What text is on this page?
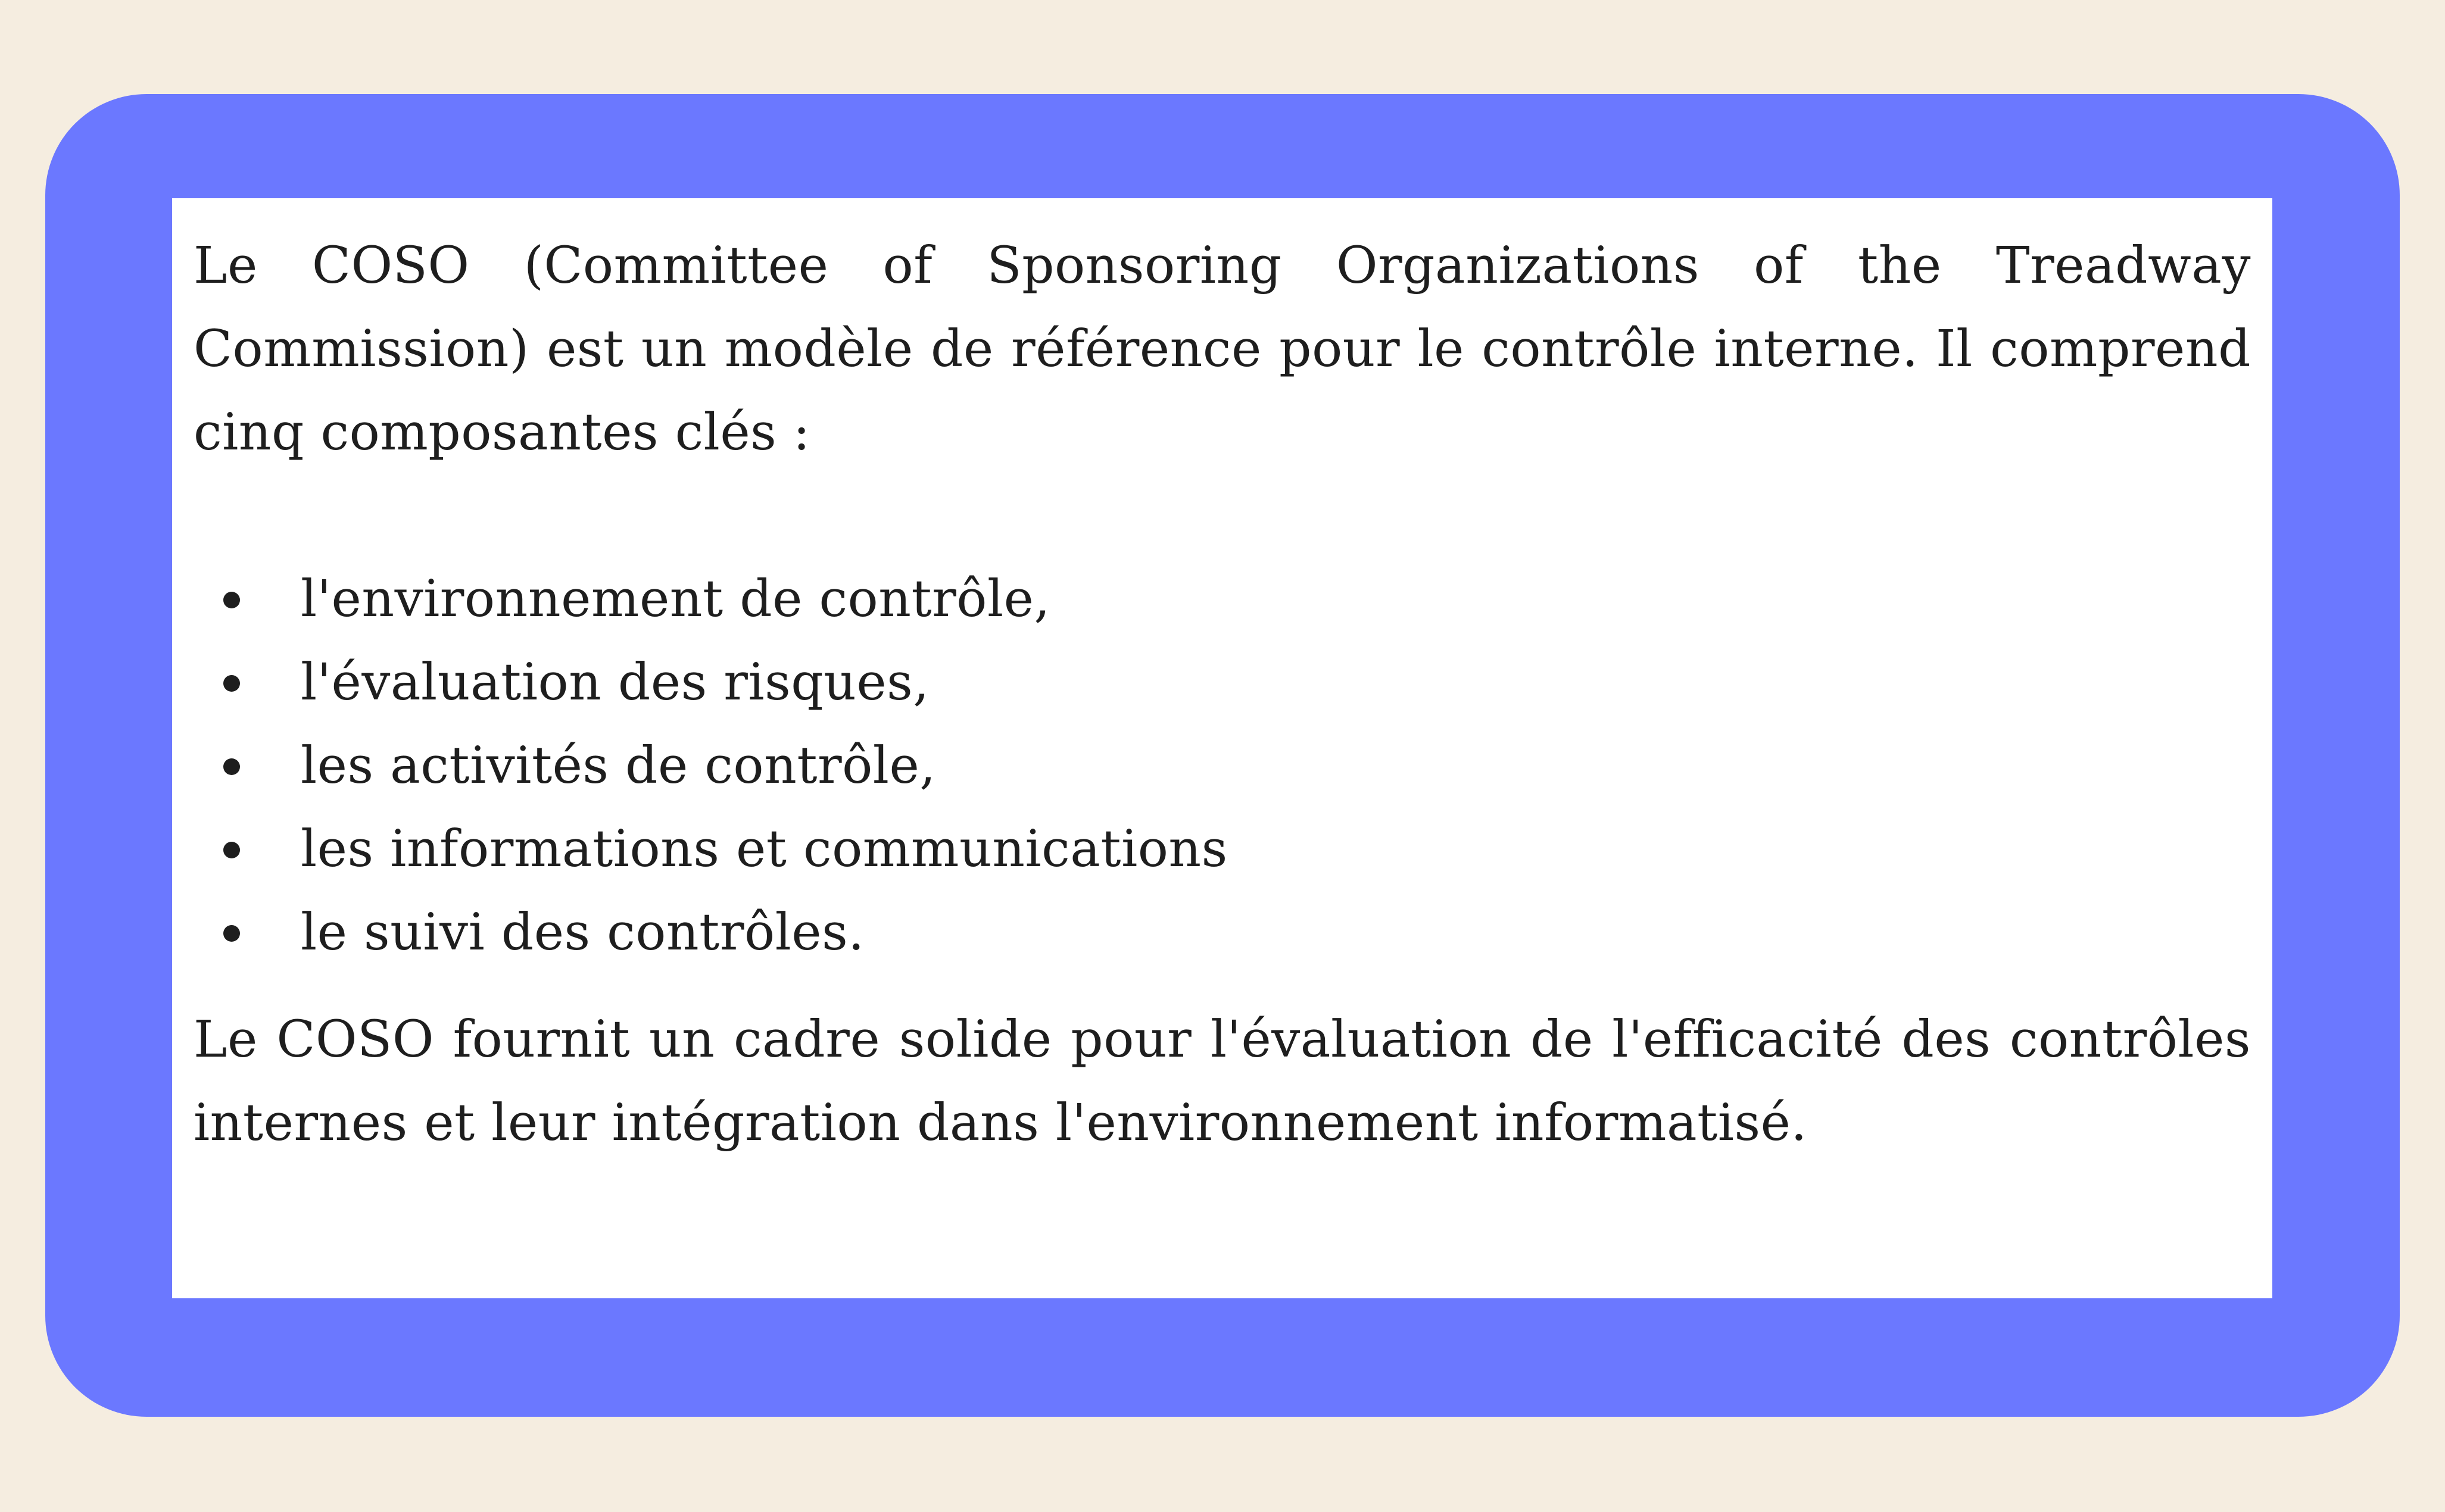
Le COSO (Committee of Sponsoring Organizations of the Treadway Commission) est un modèle de référence pour le contrôle interne. Il comprend cinq composantes clés :

l'environnement de contrôle,
l'évaluation des risques,
les activités de contrôle,
les informations et communications
le suivi des contrôles.

Le COSO fournit un cadre solide pour l'évaluation de l'efficacité des contrôles internes et leur intégration dans l'environnement informatisé.
